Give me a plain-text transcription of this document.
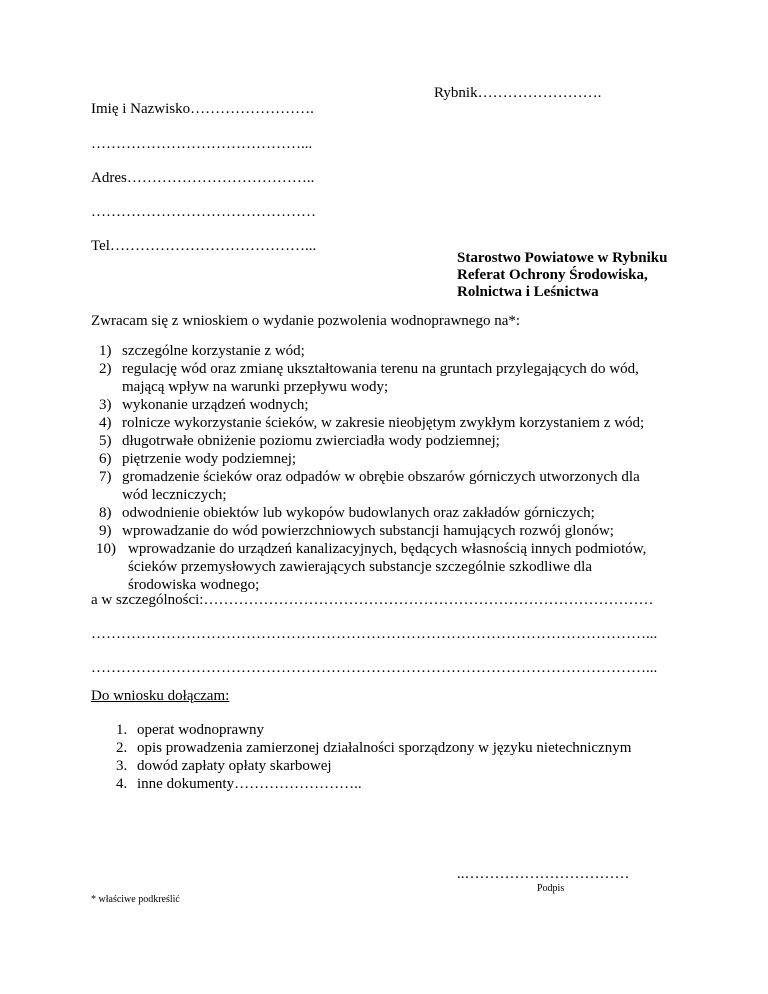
Rybnik…………………….
Imię i Nazwisko…………………….
……………………………………...
Adres………………………………..
………………………………………
Tel…………………………………...
Starostwo Powiatowe w Rybniku
Referat Ochrony Środowiska,
Rolnictwa i Leśnictwa
Zwracam się z wnioskiem o wydanie pozwolenia wodnoprawnego na*:
1) szczególne korzystanie z wód;
2) regulację wód oraz zmianę ukształtowania terenu na gruntach przylegających do wód,
mającą wpływ na warunki przepływu wody;
3) wykonanie urządzeń wodnych;
4) rolnicze wykorzystanie ścieków, w zakresie nieobjętym zwykłym korzystaniem z wód;
5) długotrwałe obniżenie poziomu zwierciadła wody podziemnej;
6) piętrzenie wody podziemnej;
7) gromadzenie ścieków oraz odpadów w obrębie obszarów górniczych utworzonych dla
wód leczniczych;
8) odwodnienie obiektów lub wykopów budowlanych oraz zakładów górniczych;
9) wprowadzanie do wód powierzchniowych substancji hamujących rozwój glonów;
10) wprowadzanie do urządzeń kanalizacyjnych, będących własnością innych podmiotów,
ścieków przemysłowych zawierających substancje szczególnie szkodliwe dla
środowiska wodnego;
a w szczególności:………………………………………………………………………………
…………………………………………………………………………………………………...
…………………………………………………………………………………………………...
Do wniosku dołączam:
1. operat wodnoprawny
2. opis prowadzenia zamierzonej działalności sporządzony w języku nietechnicznym
3. dowód zapłaty opłaty skarbowej
4. inne dokumenty……………………..
..……………………………
Podpis
* właściwe podkreślić
